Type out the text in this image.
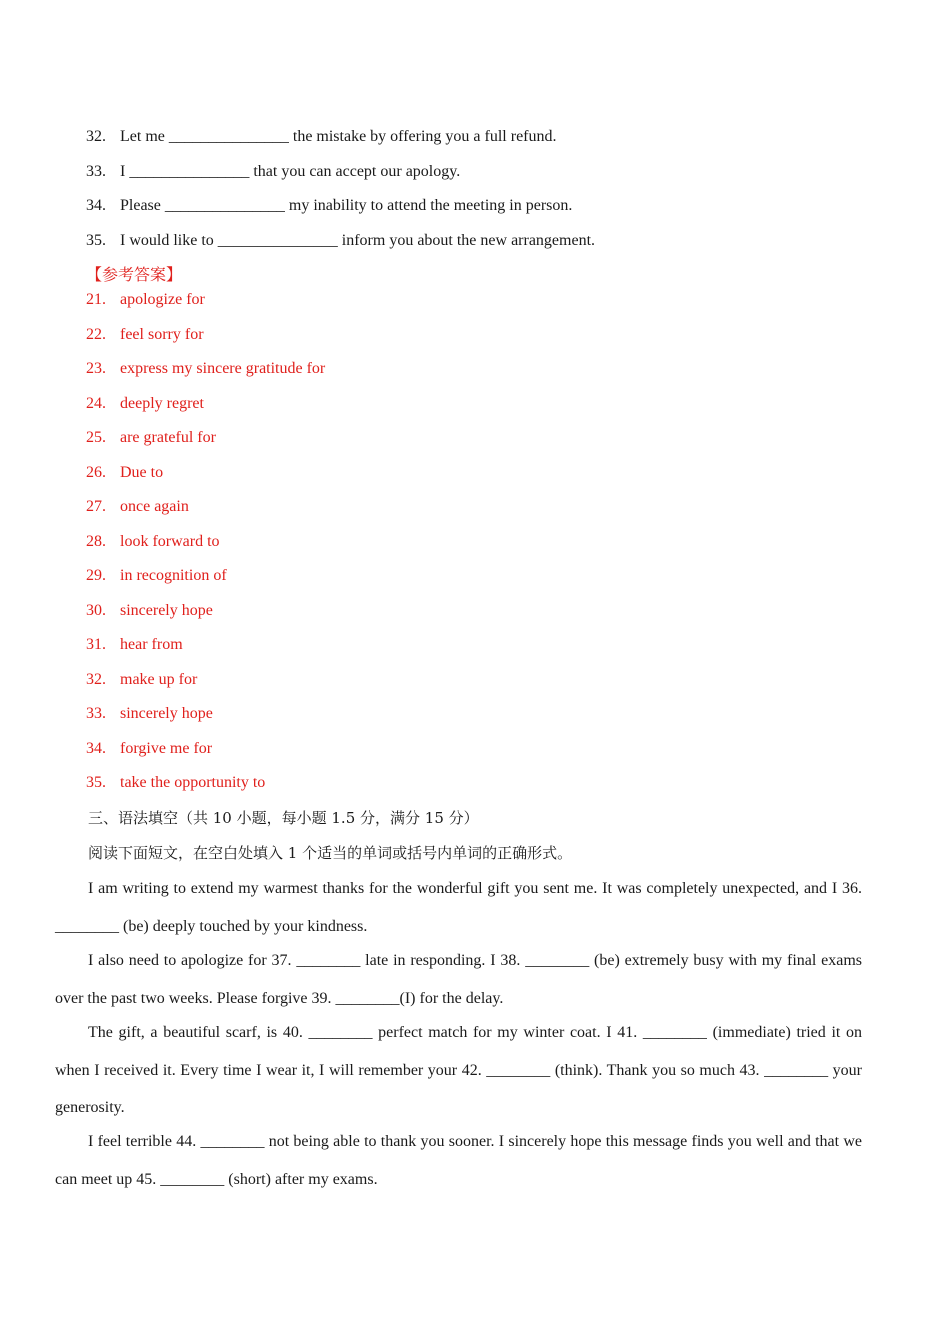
32. Let me _______________ the mistake by offering you a full refund.
33. I _______________ that you can accept our apology.
34. Please _______________ my inability to attend the meeting in person.
35. I would like to _______________ inform you about the new arrangement.
【参考答案】
21. apologize for
22. feel sorry for
23. express my sincere gratitude for
24. deeply regret
25. are grateful for
26. Due to
27. once again
28. look forward to
29. in recognition of
30. sincerely hope
31. hear from
32. make up for
33. sincerely hope
34. forgive me for
35. take the opportunity to
三、语法填空（共 10 小题，每小题 1.5 分，满分 15 分）
阅读下面短文，在空白处填入 1 个适当的单词或括号内单词的正确形式。

I am writing to extend my warmest thanks for the wonderful gift you sent me. It was completely unexpected, and I 36. ________ (be) deeply touched by your kindness.

I also need to apologize for 37. ________ late in responding. I 38. ________ (be) extremely busy with my final exams over the past two weeks. Please forgive 39. ________(I) for the delay.

The gift, a beautiful scarf, is 40. ________ perfect match for my winter coat. I 41. ________ (immediate) tried it on when I received it. Every time I wear it, I will remember your 42. ________ (think). Thank you so much 43. ________ your generosity.

I feel terrible 44. ________ not being able to thank you sooner. I sincerely hope this message finds you well and that we can meet up 45. ________ (short) after my exams.
